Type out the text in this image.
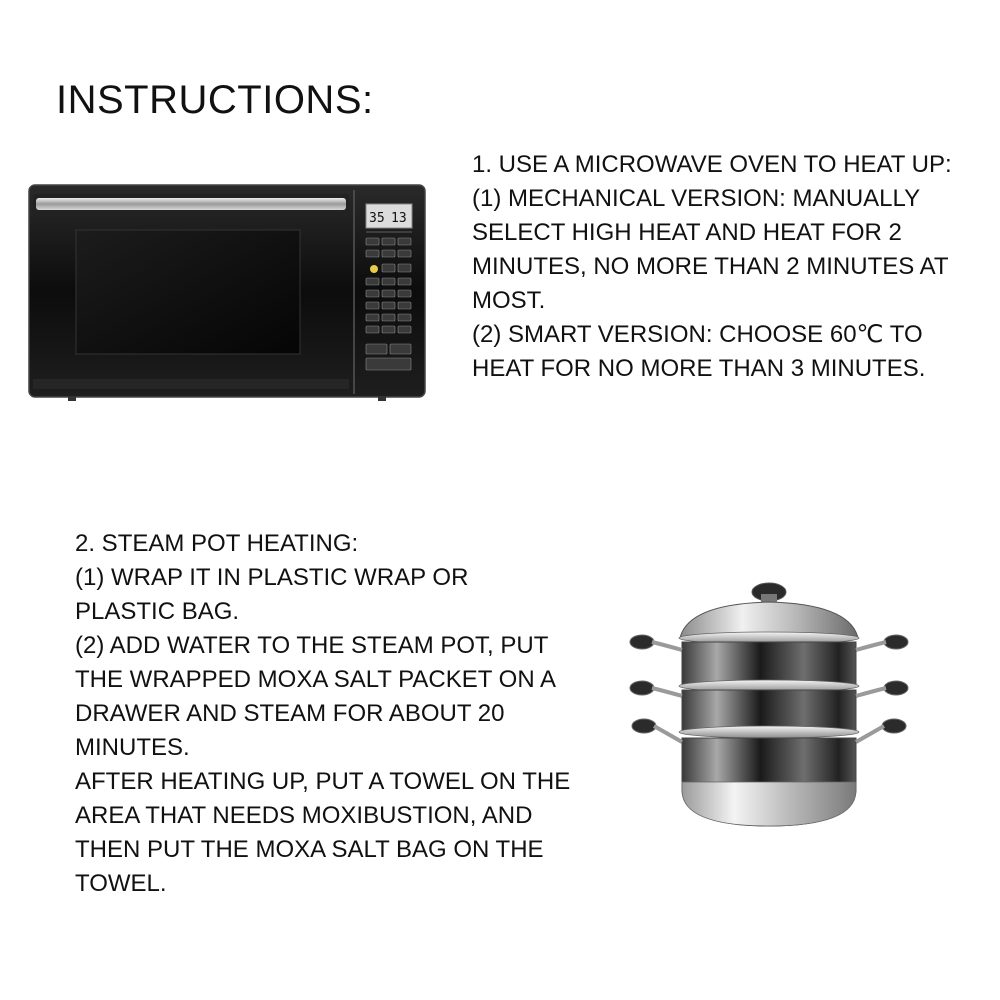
INSTRUCTIONS:
35 13

1. USE A MICROWAVE OVEN TO HEAT UP:

(1) MECHANICAL VERSION: MANUALLY SELECT HIGH HEAT AND HEAT FOR 2 MINUTES, NO MORE THAN 2 MINUTES AT MOST.

(2) SMART VERSION: CHOOSE 60℃ TO HEAT FOR NO MORE THAN 3 MINUTES.

2. STEAM POT HEATING:

(1) WRAP IT IN PLASTIC WRAP OR PLASTIC BAG.

(2) ADD WATER TO THE STEAM POT, PUT THE WRAPPED MOXA SALT PACKET ON A DRAWER AND STEAM FOR ABOUT 20 MINUTES.

AFTER HEATING UP, PUT A TOWEL ON THE AREA THAT NEEDS MOXIBUSTION, AND THEN PUT THE MOXA SALT BAG ON THE TOWEL.
